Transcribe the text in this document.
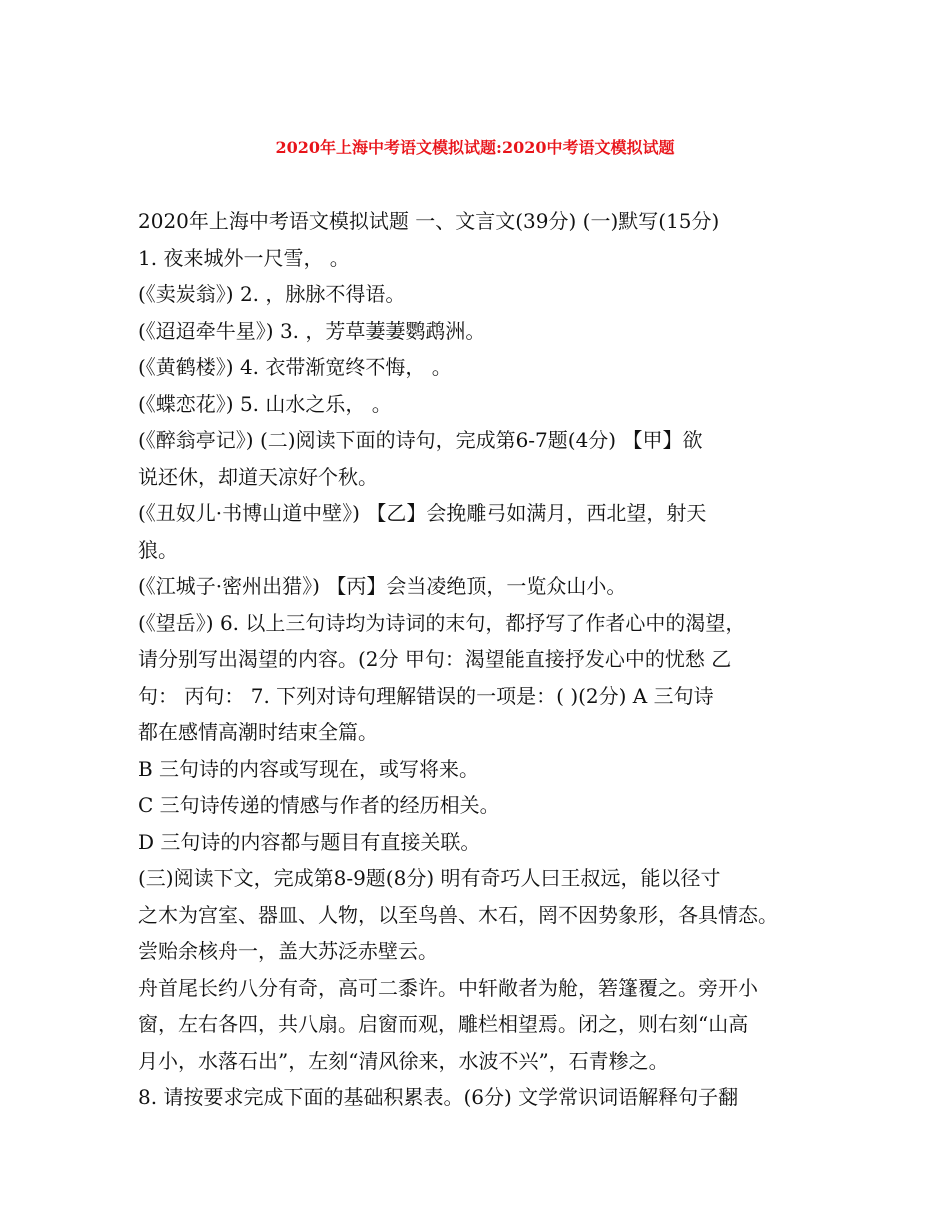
2020年上海中考语文模拟试题:2020中考语文模拟试题
2020年上海中考语文模拟试题 一、文言文(39分) (一)默写(15分)
1. 夜来城外一尺雪， 。
(《卖炭翁》) 2. ，脉脉不得语。
(《迢迢牵牛星》) 3. ，芳草萋萋鹦鹉洲。
(《黄鹤楼》) 4. 衣带渐宽终不悔， 。
(《蝶恋花》) 5. 山水之乐， 。
(《醉翁亭记》) (二)阅读下面的诗句，完成第6-7题(4分) 【甲】欲
说还休，却道天凉好个秋。
(《丑奴儿·书博山道中壁》) 【乙】会挽雕弓如满月，西北望，射天
狼。
(《江城子·密州出猎》) 【丙】会当凌绝顶，一览众山小。
(《望岳》) 6. 以上三句诗均为诗词的末句，都抒写了作者心中的渴望，
请分别写出渴望的内容。(2分 甲句：渴望能直接抒发心中的忧愁 乙
句： 丙句： 7. 下列对诗句理解错误的一项是：( )(2分) A 三句诗
都在感情高潮时结束全篇。
B 三句诗的内容或写现在，或写将来。
C 三句诗传递的情感与作者的经历相关。
D 三句诗的内容都与题目有直接关联。
(三)阅读下文，完成第8-9题(8分) 明有奇巧人曰王叔远，能以径寸
之木为宫室、器皿、人物，以至鸟兽、木石，罔不因势象形，各具情态。
尝贻余核舟一，盖大苏泛赤壁云。
舟首尾长约八分有奇，高可二黍许。中轩敞者为舱，箬篷覆之。旁开小
窗，左右各四，共八扇。启窗而观，雕栏相望焉。闭之，则右刻“山高
月小，水落石出”，左刻“清风徐来，水波不兴”，石青糁之。
8. 请按要求完成下面的基础积累表。(6分) 文学常识词语解释句子翻
